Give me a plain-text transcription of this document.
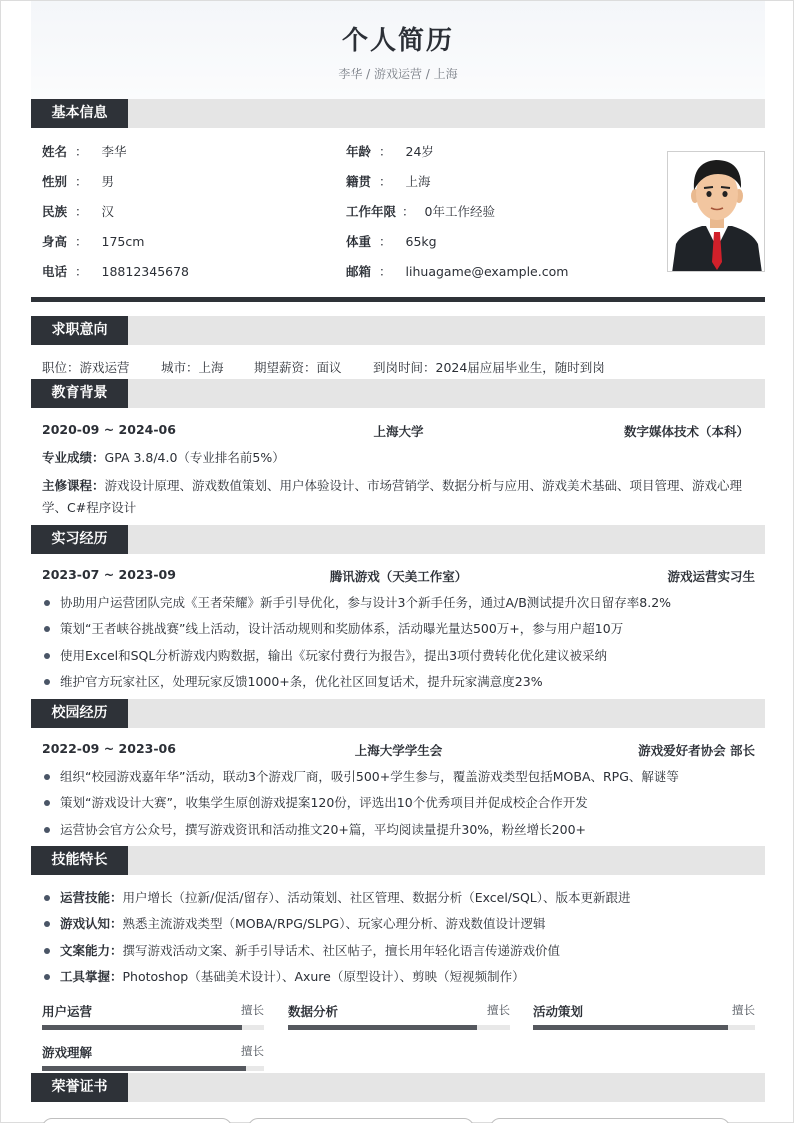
个人简历
李华 / 游戏运营 / 上海
基本信息
姓名 ： 李华	年龄 ： 24岁
性别 ： 男	籍贯 ： 上海
民族 ： 汉	工作年限 ： 0年工作经验
身高 ： 175cm	体重 ： 65kg
电话 ： 18812345678	邮箱 ： lihuagame@example.com
求职意向
职位：游戏运营	城市：上海 期望薪资：面议	到岗时间：2024届应届毕业生，随时到岗
教育背景
2020-09 ~ 2024-06	上海大学	数字媒体技术（本科）
专业成绩：GPA 3.8/4.0（专业排名前5%）
主修课程：游戏设计原理、游戏数值策划、用户体验设计、市场营销学、数据分析与应用、游戏美术基础、项目管理、游戏心理学、C#程序设计
实习经历
2023-07 ~ 2023-09	腾讯游戏（天美工作室）	游戏运营实习生
协助用户运营团队完成《王者荣耀》新手引导优化，参与设计3个新手任务，通过A/B测试提升次日留存率8.2%
策划“王者峡谷挑战赛”线上活动，设计活动规则和奖励体系，活动曝光量达500万+，参与用户超10万
使用Excel和SQL分析游戏内购数据，输出《玩家付费行为报告》，提出3项付费转化优化建议被采纳
维护官方玩家社区，处理玩家反馈1000+条，优化社区回复话术，提升玩家满意度23%
校园经历
2022-09 ~ 2023-06	上海大学学生会	游戏爱好者协会 部长
组织“校园游戏嘉年华”活动，联动3个游戏厂商，吸引500+学生参与，覆盖游戏类型包括MOBA、RPG、解谜等
策划“游戏设计大赛”，收集学生原创游戏提案120份，评选出10个优秀项目并促成校企合作开发
运营协会官方公众号，撰写游戏资讯和活动推文20+篇，平均阅读量提升30%，粉丝增长200+
技能特长
运营技能：用户增长（拉新/促活/留存）、活动策划、社区管理、数据分析（Excel/SQL）、版本更新跟进
游戏认知：熟悉主流游戏类型（MOBA/RPG/SLPG）、玩家心理分析、游戏数值设计逻辑
文案能力：撰写游戏活动文案、新手引导话术、社区帖子，擅长用年轻化语言传递游戏价值
工具掌握：Photoshop（基础美术设计）、Axure（原型设计）、剪映（短视频制作）
用户运营	擅长 数据分析	擅长 活动策划	擅长
游戏理解	擅长
荣誉证书
